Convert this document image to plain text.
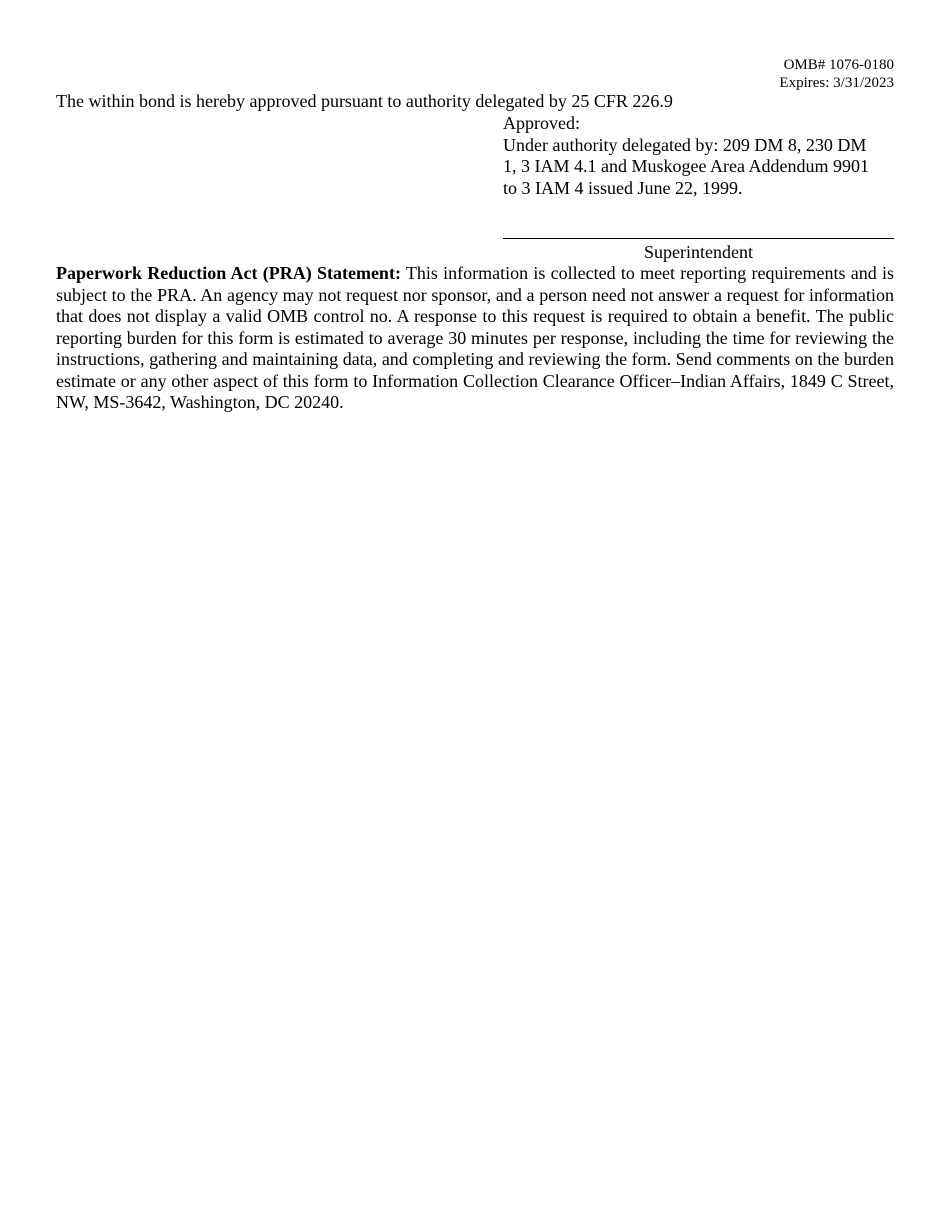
OMB# 1076-0180
Expires: 3/31/2023
The within bond is hereby approved pursuant to authority delegated by 25 CFR 226.9
Approved:
Under authority delegated by: 209 DM 8, 230 DM
1, 3 IAM 4.1 and Muskogee Area Addendum 9901
to 3 IAM 4 issued June 22, 1999.
Superintendent
Paperwork Reduction Act (PRA) Statement: This information is collected to meet reporting requirements and is subject to the PRA. An agency may not request nor sponsor, and a person need not answer a request for information that does not display a valid OMB control no. A response to this request is required to obtain a benefit. The public reporting burden for this form is estimated to average 30 minutes per response, including the time for reviewing the instructions, gathering and maintaining data, and completing and reviewing the form. Send comments on the burden estimate or any other aspect of this form to Information Collection Clearance Officer–Indian Affairs, 1849 C Street, NW, MS-3642, Washington, DC 20240.
